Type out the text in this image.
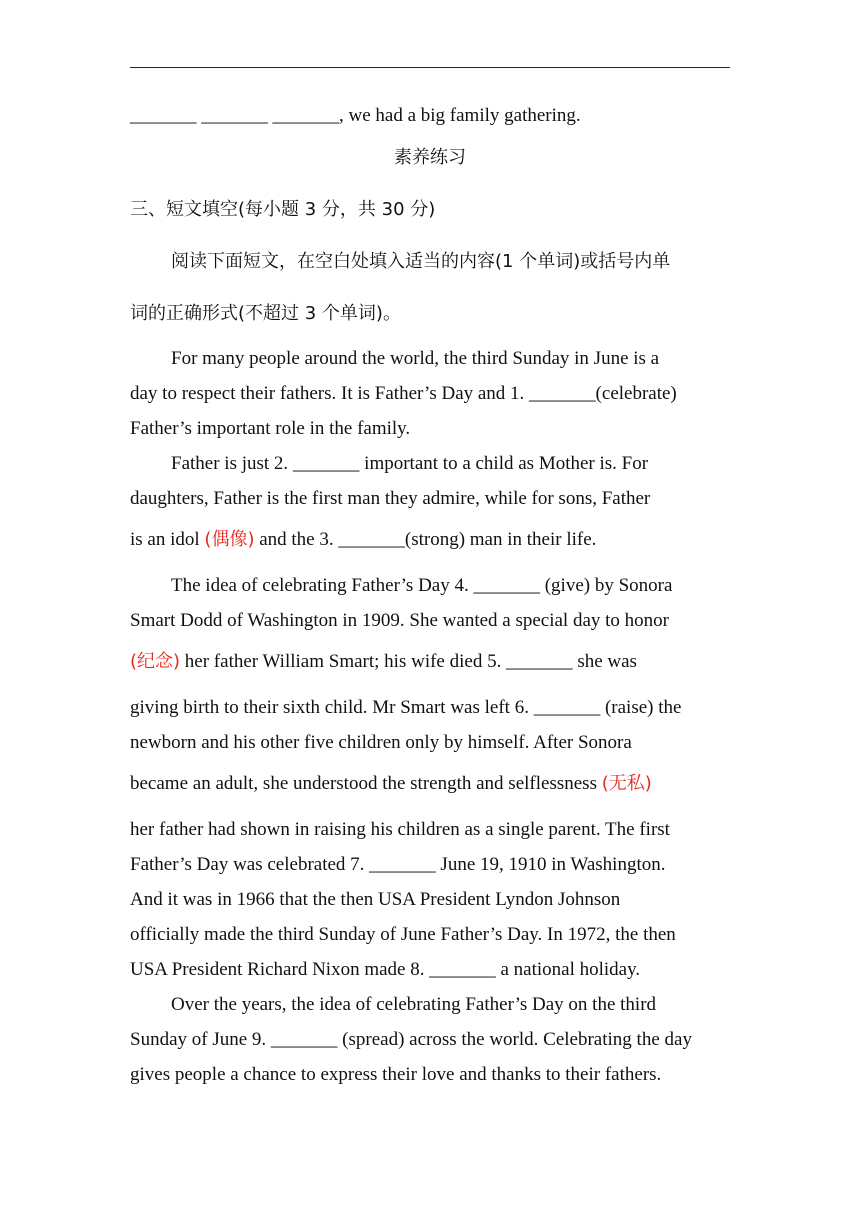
_______ _______ _______, we had a big family gathering.
素养练习
三、短文填空(每小题 3 分，共 30 分)
阅读下面短文，在空白处填入适当的内容(1 个单词)或括号内单
词的正确形式(不超过 3 个单词)。
For many people around the world, the third Sunday in June is a
day to respect their fathers. It is Father’s Day and 1. _______(celebrate)
Father’s important role in the family.
Father is just 2. _______ important to a child as Mother is. For
daughters, Father is the first man they admire, while for sons, Father
is an idol (偶像) and the 3. _______(strong) man in their life.
The idea of celebrating Father’s Day 4. _______ (give) by Sonora
Smart Dodd of Washington in 1909. She wanted a special day to honor
(纪念) her father William Smart; his wife died 5. _______ she was
giving birth to their sixth child. Mr Smart was left 6. _______ (raise) the
newborn and his other five children only by himself. After Sonora
became an adult, she understood the strength and selflessness (无私)
her father had shown in raising his children as a single parent. The first
Father’s Day was celebrated 7. _______ June 19, 1910 in Washington.
And it was in 1966 that the then USA President Lyndon Johnson
officially made the third Sunday of June Father’s Day. In 1972, the then
USA President Richard Nixon made 8. _______ a national holiday.
Over the years, the idea of celebrating Father’s Day on the third
Sunday of June 9. _______ (spread) across the world. Celebrating the day
gives people a chance to express their love and thanks to their fathers.
